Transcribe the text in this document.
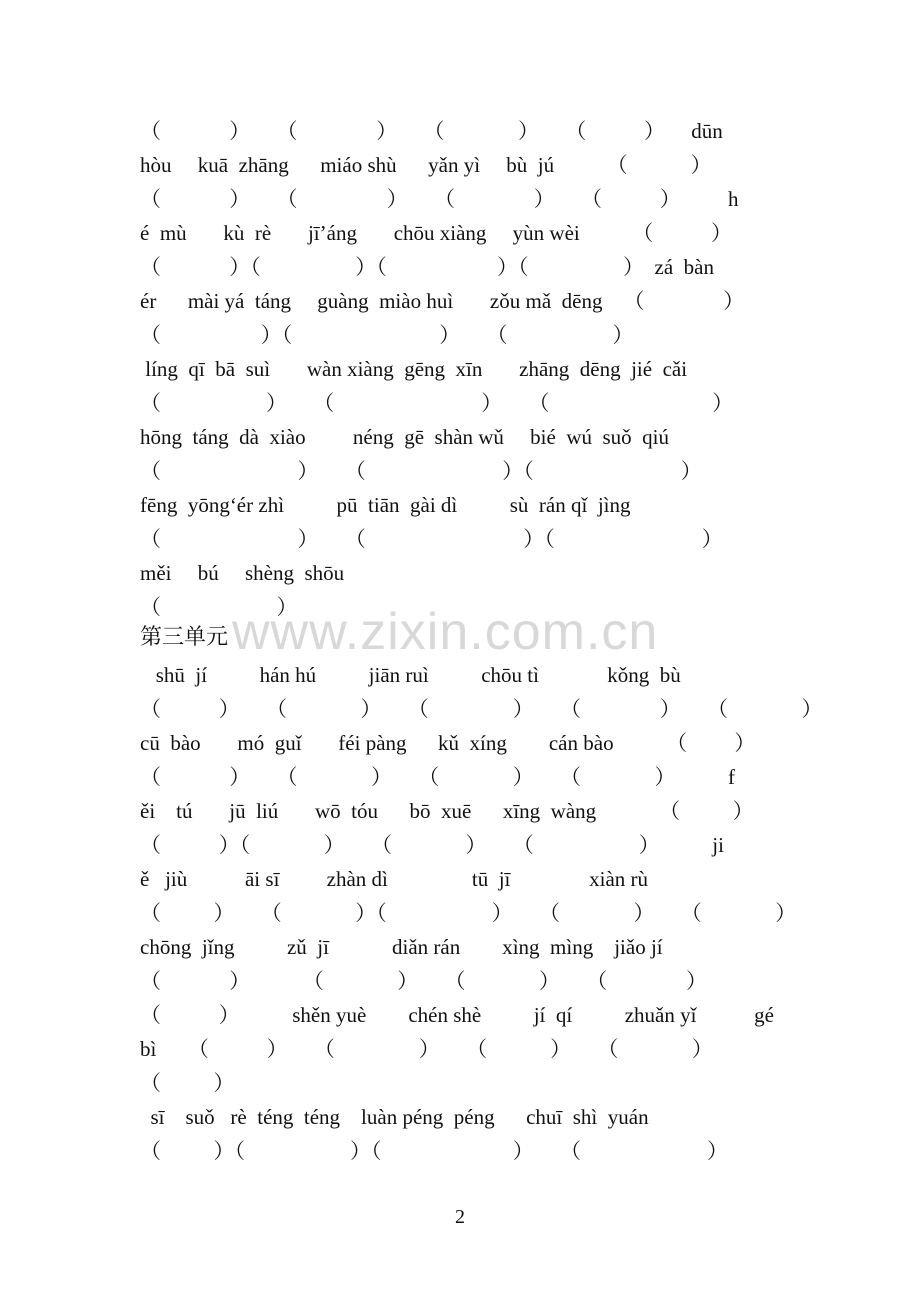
www.zixin.com.cn
（             ）     （               ）     （              ）     （           ）     dūn
hòu     kuā  zhāng      miáo shù      yǎn yì     bù  jú          （            ）
（             ）     （                 ）     （               ）     （           ）         h
é  mù       kù  rè       jī’áng       chōu xiàng     yùn wèi          （           ）
（             ）（                  ）（                     ）（                  ）  zá  bàn
ér      mài yá  táng     guàng  miào huì       zǒu mǎ  dēng    （               ）
（                   ）（                            ）     （                    ）
líng  qī  bā  suì       wàn xiàng  gēng  xīn       zhāng  dēng  jié  cǎi
（                    ）     （                            ）     （                               ）
hōng  táng  dà  xiào         néng  gē  shàn wǔ     bié  wú  suǒ  qiú
（                          ）     （                          ）（                            ）
fēng  yōng‘ér zhì          pū  tiān  gài dì          sù  rán qǐ  jìng
（                          ）     （                              ）（                            ）
měi     bú     shèng  shōu
（                      ）
第三单元
shū  jí          hán hú          jiān ruì          chōu tì             kǒng  bù
（           ）     （              ）     （                ）     （               ）     （              ）
cū  bào       mó  guǐ       féi pàng      kǔ  xíng        cán bào          （         ）
（             ）     （              ）     （              ）     （              ）          f
ěi    tú       jū  liú       wō  tóu      bō  xuē      xīng  wàng            （          ）
（           ）（              ）     （              ）     （                    ）          ji
ě   jiù           āi sī         zhàn dì                tū  jī               xiàn rù
（          ）     （              ）（                    ）     （              ）     （              ）
chōng  jǐng          zǔ  jī            diǎn rán        xìng  mìng    jiǎo jí
（             ）          （              ）     （              ）     （               ）
（           ）          shěn yuè        chén shè          jí  qí          zhuǎn yǐ           gé
bì      （           ）     （                ）     （            ）     （              ）
（          ）
sī    suǒ   rè  téng  téng    luàn péng  péng      chuī  shì  yuán
（          ）（                    ）（                         ）     （                        ）
2
